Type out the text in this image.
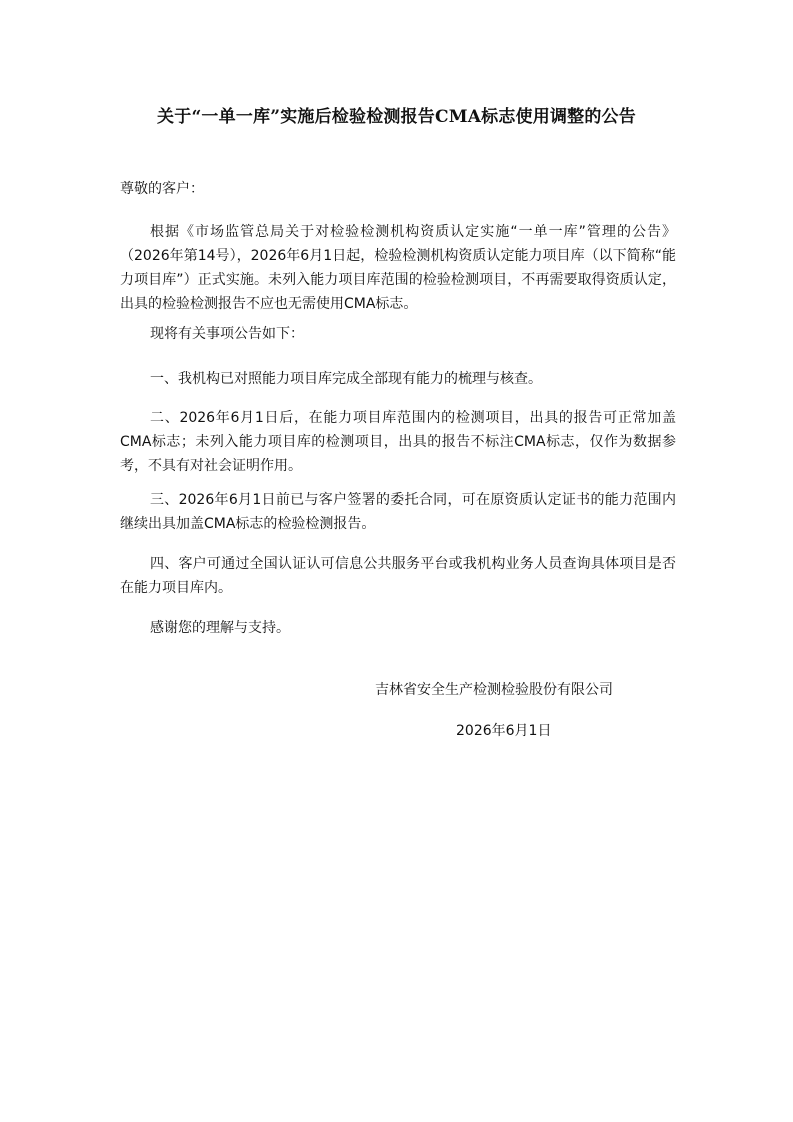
关于“一单一库”实施后检验检测报告CMA标志使用调整的公告

尊敬的客户：

根据《市场监管总局关于对检验检测机构资质认定实施“一单一库”管理的公告》（2026年第14号），2026年6月1日起，检验检测机构资质认定能力项目库（以下简称“能力项目库”）正式实施。未列入能力项目库范围的检验检测项目，不再需要取得资质认定，出具的检验检测报告不应也无需使用CMA标志。

现将有关事项公告如下：

一、我机构已对照能力项目库完成全部现有能力的梳理与核查。

二、2026年6月1日后，在能力项目库范围内的检测项目，出具的报告可正常加盖CMA标志；未列入能力项目库的检测项目，出具的报告不标注CMA标志，仅作为数据参考，不具有对社会证明作用。

三、2026年6月1日前已与客户签署的委托合同，可在原资质认定证书的能力范围内继续出具加盖CMA标志的检验检测报告。

四、客户可通过全国认证认可信息公共服务平台或我机构业务人员查询具体项目是否在能力项目库内。

感谢您的理解与支持。

吉林省安全生产检测检验股份有限公司

2026年6月1日
